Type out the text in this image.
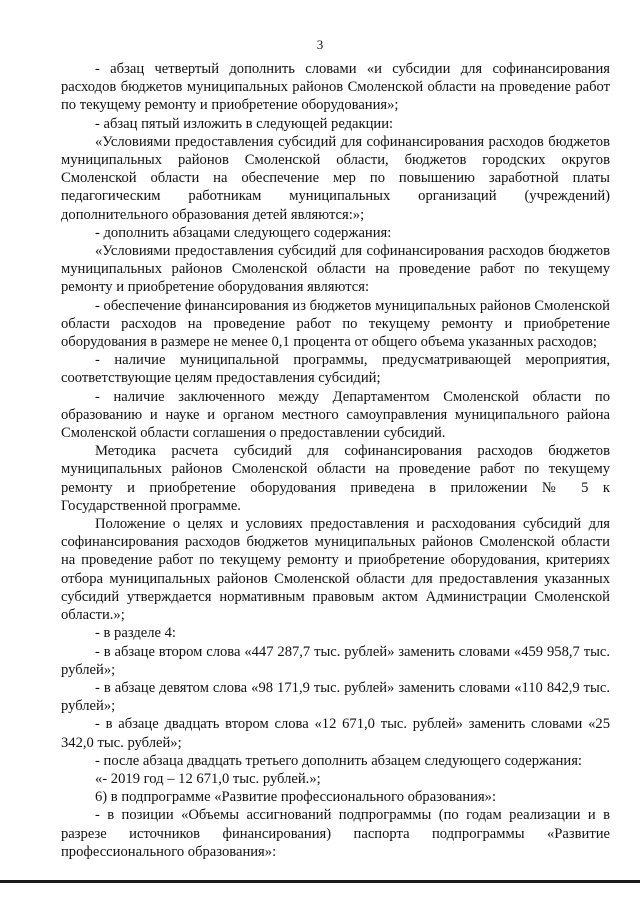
3

- абзац четвертый дополнить словами «и субсидии для софинансирования расходов бюджетов муниципальных районов Смоленской области на проведение работ по текущему ремонту и приобретение оборудования»;

- абзац пятый изложить в следующей редакции:

«Условиями предоставления субсидий для софинансирования расходов бюджетов муниципальных районов Смоленской области, бюджетов городских округов Смоленской области на обеспечение мер по повышению заработной платы педагогическим работникам муниципальных организаций (учреждений) дополнительного образования детей являются:»;

- дополнить абзацами следующего содержания:

«Условиями предоставления субсидий для софинансирования расходов бюджетов муниципальных районов Смоленской области на проведение работ по текущему ремонту и приобретение оборудования являются:

- обеспечение финансирования из бюджетов муниципальных районов Смоленской области расходов на проведение работ по текущему ремонту и приобретение оборудования в размере не менее 0,1 процента от общего объема указанных расходов;

- наличие муниципальной программы, предусматривающей мероприятия, соответствующие целям предоставления субсидий;

- наличие заключенного между Департаментом Смоленской области по образованию и науке и органом местного самоуправления муниципального района Смоленской области соглашения о предоставлении субсидий.

Методика расчета субсидий для софинансирования расходов бюджетов муниципальных районов Смоленской области на проведение работ по текущему ремонту и приобретение оборудования приведена в приложении № 5 к Государственной программе.

Положение о целях и условиях предоставления и расходования субсидий для софинансирования расходов бюджетов муниципальных районов Смоленской области на проведение работ по текущему ремонту и приобретение оборудования, критериях отбора муниципальных районов Смоленской области для предоставления указанных субсидий утверждается нормативным правовым актом Администрации Смоленской области.»;

- в разделе 4:

- в абзаце втором слова «447 287,7 тыс. рублей» заменить словами «459 958,7 тыс. рублей»;

- в абзаце девятом слова «98 171,9 тыс. рублей» заменить словами «110 842,9 тыс. рублей»;

- в абзаце двадцать втором слова «12 671,0 тыс. рублей» заменить словами «25 342,0 тыс. рублей»;

- после абзаца двадцать третьего дополнить абзацем следующего содержания:

«- 2019 год – 12 671,0 тыс. рублей.»;

6) в подпрограмме «Развитие профессионального образования»:

- в позиции «Объемы ассигнований подпрограммы (по годам реализации и в разрезе источников финансирования) паспорта подпрограммы «Развитие профессионального образования»:
